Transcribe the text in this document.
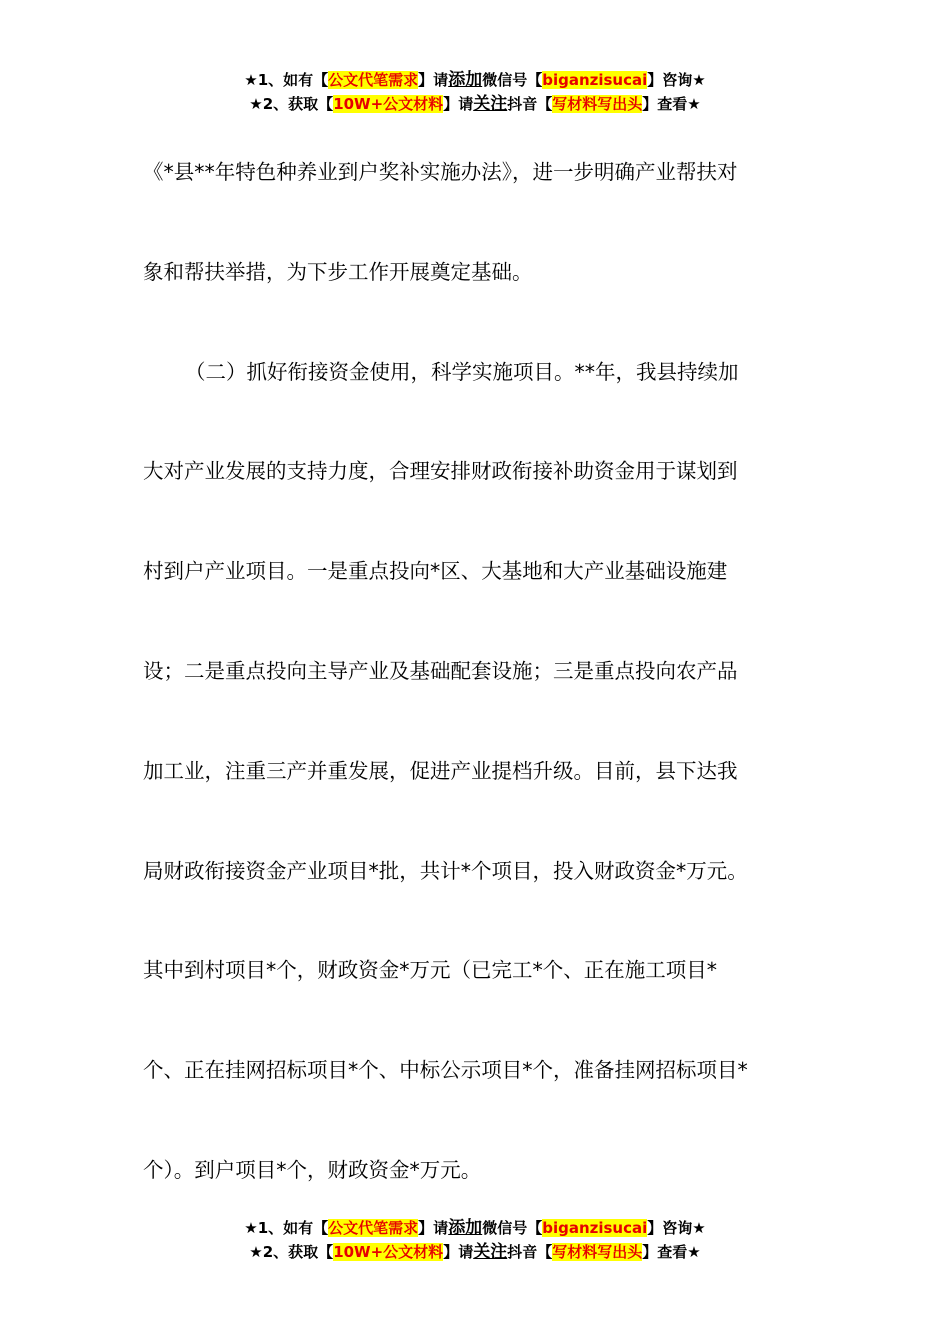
★1、如有【公文代笔需求】请添加微信号【biganzisucai】咨询★
★2、获取【10W+公文材料】请关注抖音【写材料写出头】查看★
《*县**年特色种养业到户奖补实施办法》，进一步明确产业帮扶对
象和帮扶举措，为下步工作开展奠定基础。
（二）抓好衔接资金使用，科学实施项目。**年，我县持续加
大对产业发展的支持力度，合理安排财政衔接补助资金用于谋划到
村到户产业项目。一是重点投向*区、大基地和大产业基础设施建
设；二是重点投向主导产业及基础配套设施；三是重点投向农产品
加工业，注重三产并重发展，促进产业提档升级。目前，县下达我
局财政衔接资金产业项目*批，共计*个项目，投入财政资金*万元。
其中到村项目*个，财政资金*万元（已完工*个、正在施工项目*
个、正在挂网招标项目*个、中标公示项目*个，准备挂网招标项目*
个）。到户项目*个，财政资金*万元。
★1、如有【公文代笔需求】请添加微信号【biganzisucai】咨询★
★2、获取【10W+公文材料】请关注抖音【写材料写出头】查看★
